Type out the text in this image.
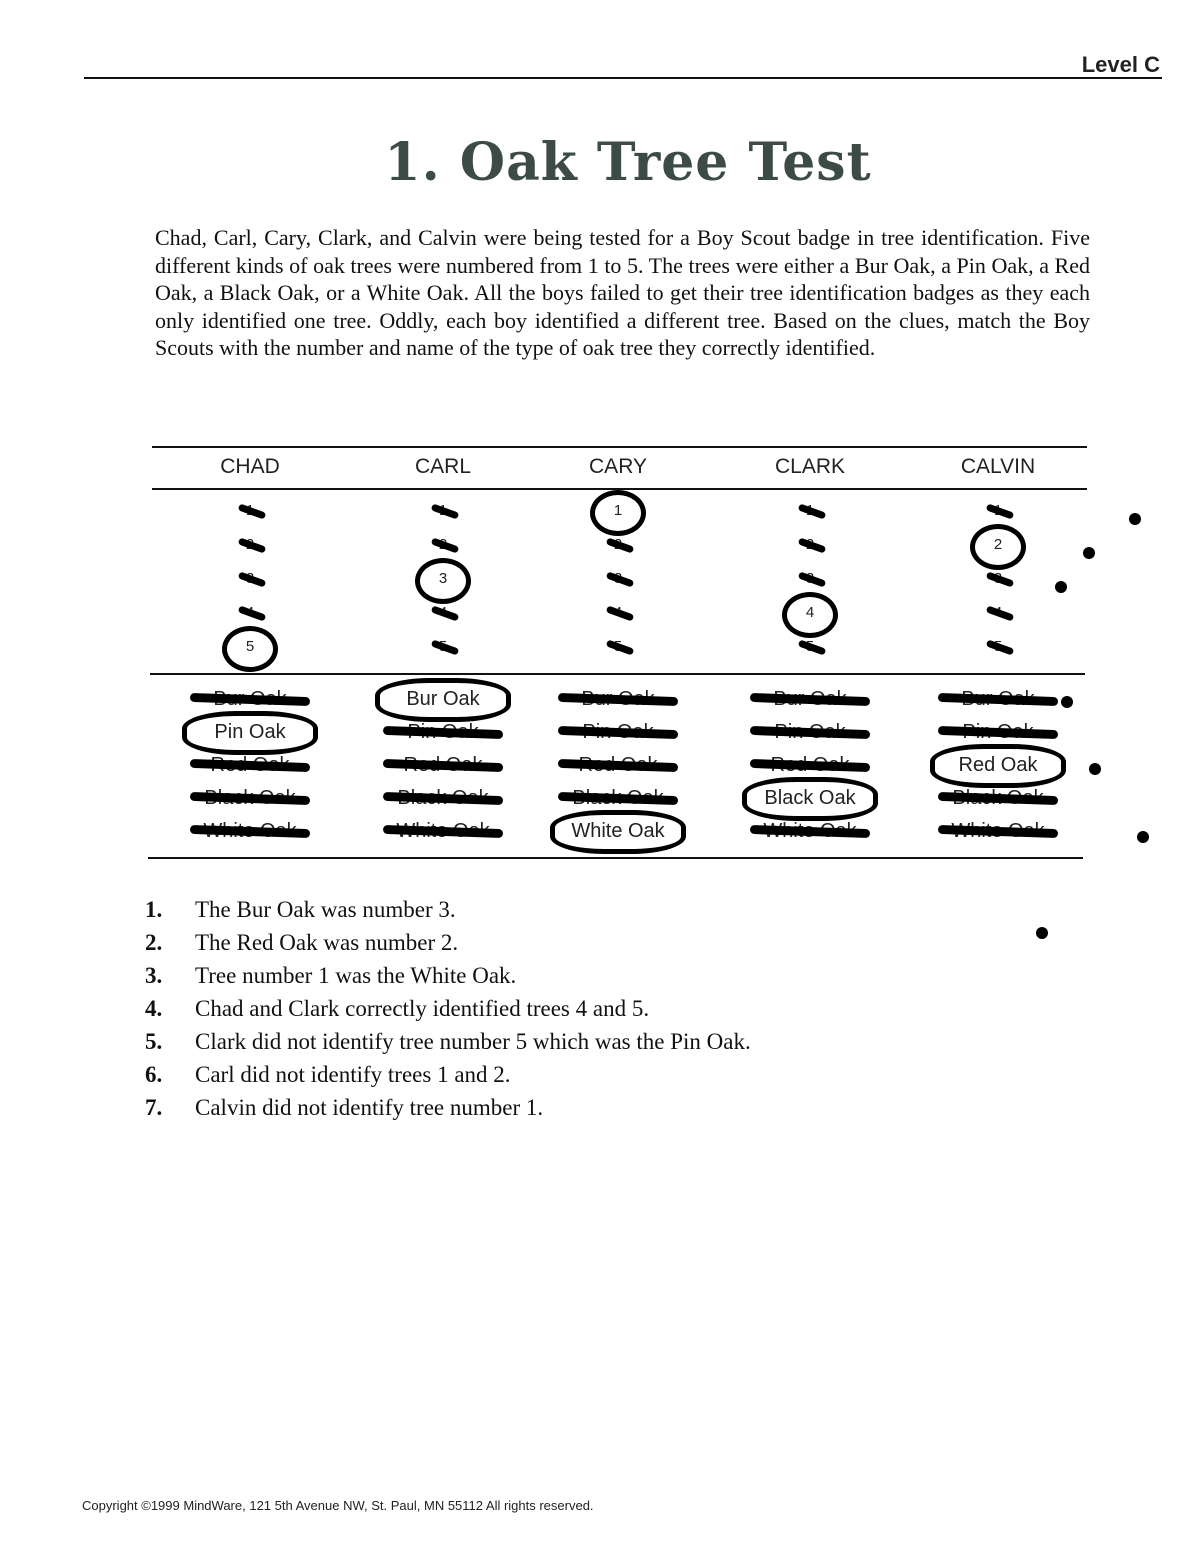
Level C
1. Oak Tree Test
Chad, Carl, Cary, Clark, and Calvin were being tested for a Boy Scout badge in tree identification. Five different kinds of oak trees were numbered from 1 to 5. The trees were either a Bur Oak, a Pin Oak, a Red Oak, a Black Oak, or a White Oak. All the boys failed to get their tree identification badges as they each only identified one tree. Oddly, each boy identified a different tree. Based on the clues, match the Boy Scouts with the number and name of the type of oak tree they correctly identified.
CHAD
5
Pin Oak
CARL
3
Bur Oak
CARY
1
White Oak
CLARK
4
Black Oak
CALVIN
2
Red Oak
1.	The Bur Oak was number 3.
2.	The Red Oak was number 2.
3.	Tree number 1 was the White Oak.
4.	Chad and Clark correctly identified trees 4 and 5.
5.	Clark did not identify tree number 5 which was the Pin Oak.
6.	Carl did not identify trees 1 and 2.
7.	Calvin did not identify tree number 1.
Copyright ©1999 MindWare, 121 5th Avenue NW, St. Paul, MN 55112 All rights reserved.
